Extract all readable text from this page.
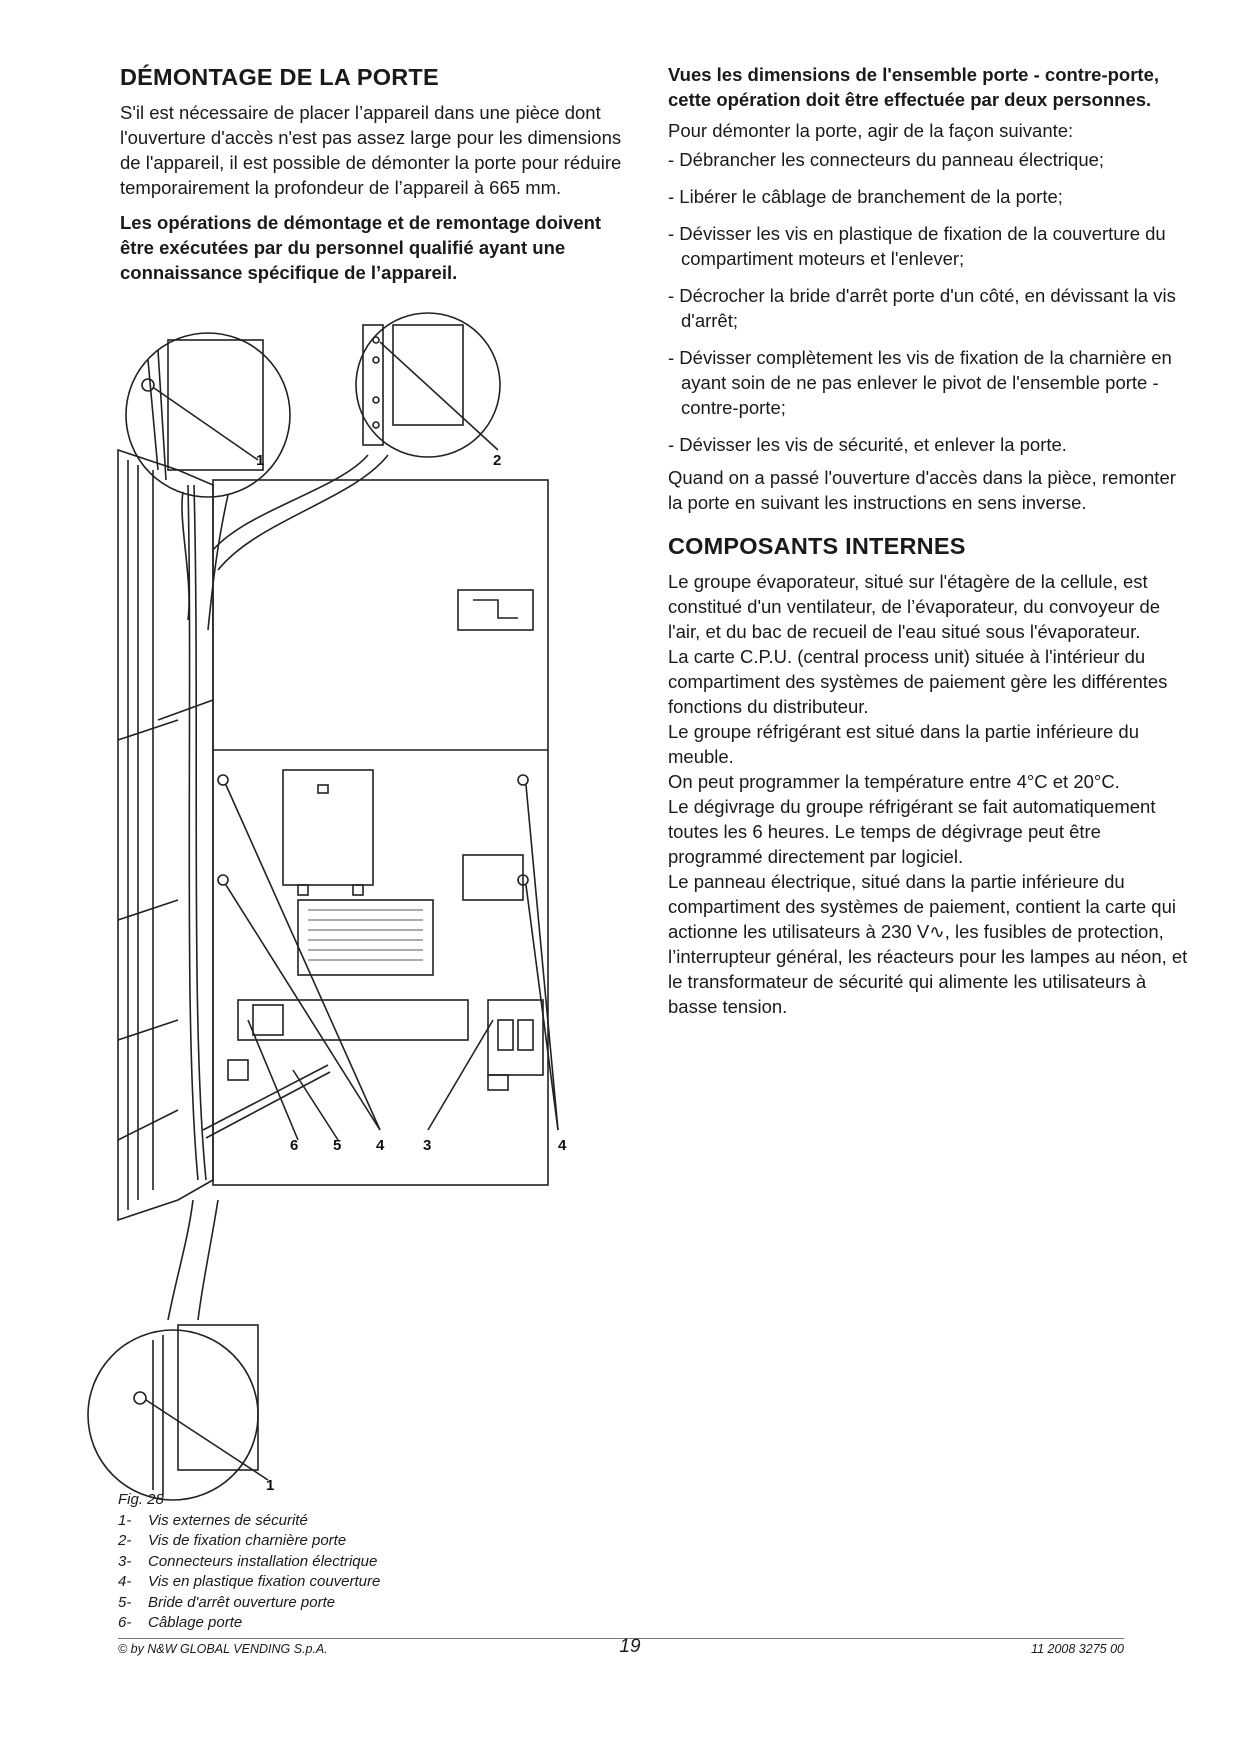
DÉMONTAGE DE LA PORTE

S'il est nécessaire de placer l’appareil dans une pièce dont l'ouverture d'accès n'est pas assez large pour les dimensions de l'appareil, il est possible de démonter la porte pour réduire temporairement la profondeur de l’appareil à 665 mm.

Les opérations de démontage et de remontage doivent être exécutées par du personnel qualifié ayant une connaissance spécifique de l’appareil.

Vues les dimensions de l'ensemble porte - contre-porte, cette opération doit être effectuée par deux personnes.

Pour démonter la porte, agir de la façon suivante:

- Débrancher les connecteurs du panneau électrique;
- Libérer le câblage de branchement de la porte;
- Dévisser les vis en plastique de fixation de la couverture du compartiment moteurs et l'enlever;
- Décrocher la bride d'arrêt porte d'un côté, en dévissant la vis d'arrêt;
- Dévisser complètement les vis de fixation de la charnière en ayant soin de ne pas enlever le pivot de l'ensemble porte - contre-porte;
- Dévisser les vis de sécurité, et enlever la porte.

Quand on a passé l'ouverture d'accès dans la pièce, remonter la porte en suivant les instructions en sens inverse.

COMPOSANTS INTERNES

Le groupe évaporateur, situé sur l'étagère de la cellule, est constitué d'un ventilateur, de l’évaporateur, du convoyeur de l'air, et du bac de recueil de l'eau situé sous l'évaporateur.

La carte C.P.U. (central process unit) située à l'intérieur du compartiment des systèmes de paiement gère les différentes fonctions du distributeur.

Le groupe réfrigérant est situé dans la partie inférieure du meuble.

On peut programmer la température entre 4°C et 20°C.

Le dégivrage du groupe réfrigérant se fait automatiquement toutes les 6 heures. Le temps de dégivrage peut être programmé directement par logiciel.

Le panneau électrique, situé dans la partie inférieure du compartiment des systèmes de paiement, contient la carte qui actionne les utilisateurs à 230 V∿, les fusibles de protection, l’interrupteur général, les réacteurs pour les lampes au néon, et le transformateur de sécurité qui alimente les utilisateurs à basse tension.

1	2
6 5 4	3	4
1
Fig. 28
1-	Vis externes de sécurité
2-	Vis de fixation charnière porte
3-	Connecteurs installation électrique
4-	Vis en plastique fixation couverture
5-	Bride d'arrêt ouverture porte
6-	Câblage porte
© by N&W GLOBAL VENDING S.p.A.	19	11 2008 3275 00
